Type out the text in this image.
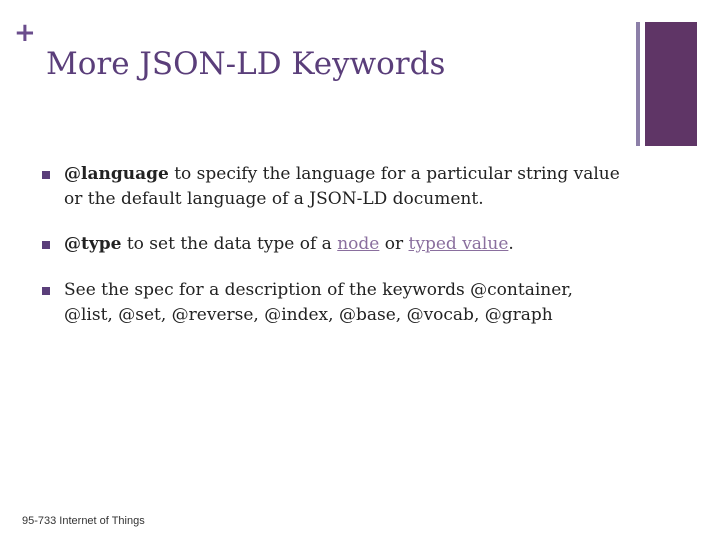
+
More JSON-LD Keywords
@language to specify the language for a particular string value or the default language of a JSON-LD document.
@type to set the data type of a node or typed value.
See the spec for a description of the keywords @container, @list, @set, @reverse, @index, @base, @vocab, @graph
95-733 Internet of Things
